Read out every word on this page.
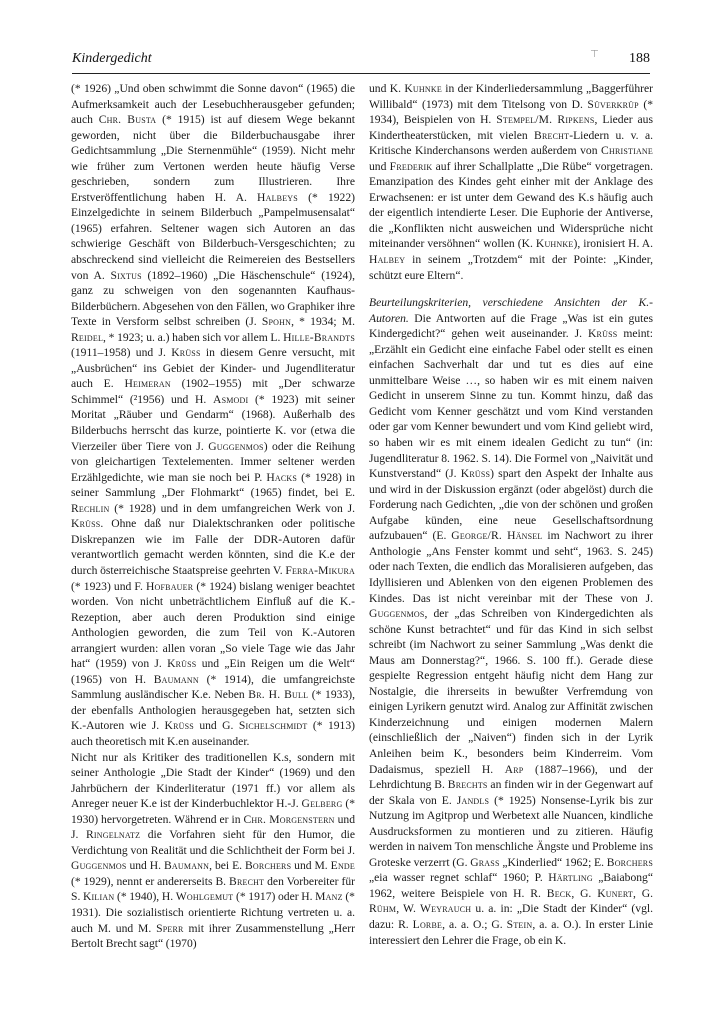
Kindergedicht	⊤ 188

(* 1926) „Und oben schwimmt die Sonne davon“ (1965) die Aufmerksamkeit auch der Lesebuchherausgeber gefunden; auch Chr. Busta (* 1915) ist auf diesem Wege bekannt geworden, nicht über die Bilderbuchausgabe ihrer Gedichtsammlung „Die Sternenmühle“ (1959). Nicht mehr wie früher zum Vertonen werden heute häufig Verse geschrieben, sondern zum Illustrieren. Ihre Erstveröffentlichung haben H. A. Halbeys (* 1922) Einzelgedichte in seinem Bilderbuch „Pampelmusensalat“ (1965) erfahren. Seltener wagen sich Autoren an das schwierige Geschäft von Bilderbuch-Versgeschichten; zu abschreckend sind vielleicht die Reimereien des Bestsellers von A. Sixtus (1892–1960) „Die Häschenschule“ (1924), ganz zu schweigen von den sogenannten Kaufhaus-Bilderbüchern. Abgesehen von den Fällen, wo Graphiker ihre Texte in Versform selbst schreiben (J. Spohn, * 1934; M. Reidel, * 1923; u. a.) haben sich vor allem L. Hille-Brandts (1911–1958) und J. Krüss in diesem Genre versucht, mit „Ausbrüchen“ ins Gebiet der Kinder- und Jugendliteratur auch E. Heimeran (1902–1955) mit „Der schwarze Schimmel“ (²1956) und H. Asmodi (* 1923) mit seiner Moritat „Räuber und Gendarm“ (1968). Außerhalb des Bilderbuchs herrscht das kurze, pointierte K. vor (etwa die Vierzeiler über Tiere von J. Guggenmos) oder die Reihung von gleichartigen Textelementen. Immer seltener werden Erzählgedichte, wie man sie noch bei P. Hacks (* 1928) in seiner Sammlung „Der Flohmarkt“ (1965) findet, bei E. Rechlin (* 1928) und in dem umfangreichen Werk von J. Krüss. Ohne daß nur Dialektschranken oder politische Diskrepanzen wie im Falle der DDR-Autoren dafür verantwortlich gemacht werden könnten, sind die K.e der durch österreichische Staatspreise geehrten V. Ferra-Mikura (* 1923) und F. Hofbauer (* 1924) bislang weniger beachtet worden. Von nicht unbeträchtlichem Einfluß auf die K.-Rezeption, aber auch deren Produktion sind einige Anthologien geworden, die zum Teil von K.-Autoren arrangiert wurden: allen voran „So viele Tage wie das Jahr hat“ (1959) von J. Krüss und „Ein Reigen um die Welt“ (1965) von H. Baumann (* 1914), die umfangreichste Sammlung ausländischer K.e. Neben Br. H. Bull (* 1933), der ebenfalls Anthologien herausgegeben hat, setzten sich K.-Autoren wie J. Krüss und G. Sichelschmidt (* 1913) auch theoretisch mit K.en auseinander.

Nicht nur als Kritiker des traditionellen K.s, sondern mit seiner Anthologie „Die Stadt der Kinder“ (1969) und den Jahrbüchern der Kinderliteratur (1971 ff.) vor allem als Anreger neuer K.e ist der Kinderbuchlektor H.-J. Gelberg (* 1930) hervorgetreten. Während er in Chr. Morgenstern und J. Ringelnatz die Vorfahren sieht für den Humor, die Verdichtung von Realität und die Schlichtheit der Form bei J. Guggenmos und H. Baumann, bei E. Borchers und M. Ende (* 1929), nennt er andererseits B. Brecht den Vorbereiter für S. Kilian (* 1940), H. Wohlgemut (* 1917) oder H. Manz (* 1931). Die sozialistisch orientierte Richtung vertreten u. a. auch M. und M. Sperr mit ihrer Zusammenstellung „Herr Bertolt Brecht sagt“ (1970)

und K. Kuhnke in der Kinderliedersammlung „Baggerführer Willibald“ (1973) mit dem Titelsong von D. Süverkrüp (* 1934), Beispielen von H. Stempel/M. Ripkens, Lieder aus Kindertheaterstücken, mit vielen Brecht-Liedern u. v. a. Kritische Kinderchansons werden außerdem von Christiane und Frederik auf ihrer Schallplatte „Die Rübe“ vorgetragen. Emanzipation des Kindes geht einher mit der Anklage des Erwachsenen: er ist unter dem Gewand des K.s häufig auch der eigentlich intendierte Leser. Die Euphorie der Antiverse, die „Konflikten nicht ausweichen und Widersprüche nicht miteinander versöhnen“ wollen (K. Kuhnke), ironisiert H. A. Halbey in seinem „Trotzdem“ mit der Pointe: „Kinder, schützt eure Eltern“.

Beurteilungskriterien, verschiedene Ansichten der K.-Autoren. Die Antworten auf die Frage „Was ist ein gutes Kindergedicht?“ gehen weit auseinander. J. Krüss meint: „Erzählt ein Gedicht eine einfache Fabel oder stellt es einen einfachen Sachverhalt dar und tut es dies auf eine unmittelbare Weise …, so haben wir es mit einem naiven Gedicht in unserem Sinne zu tun. Kommt hinzu, daß das Gedicht vom Kenner geschätzt und vom Kind verstanden oder gar vom Kenner bewundert und vom Kind geliebt wird, so haben wir es mit einem idealen Gedicht zu tun“ (in: Jugendliteratur 8. 1962. S. 14). Die Formel von „Naivität und Kunstverstand“ (J. Krüss) spart den Aspekt der Inhalte aus und wird in der Diskussion ergänzt (oder abgelöst) durch die Forderung nach Gedichten, „die von der schönen und großen Aufgabe künden, eine neue Gesellschaftsordnung aufzubauen“ (E. George/R. Hänsel im Nachwort zu ihrer Anthologie „Ans Fenster kommt und seht“, 1963. S. 245) oder nach Texten, die endlich das Moralisieren aufgeben, das Idyllisieren und Ablenken von den eigenen Problemen des Kindes. Das ist nicht vereinbar mit der These von J. Guggenmos, der „das Schreiben von Kindergedichten als schöne Kunst betrachtet“ und für das Kind in sich selbst schreibt (im Nachwort zu seiner Sammlung „Was denkt die Maus am Donnerstag?“, 1966. S. 100 ff.). Gerade diese gespielte Regression entgeht häufig nicht dem Hang zur Nostalgie, die ihrerseits in bewußter Verfremdung von einigen Lyrikern genutzt wird. Analog zur Affinität zwischen Kinderzeichnung und einigen modernen Malern (einschließlich der „Naiven“) finden sich in der Lyrik Anleihen beim K., besonders beim Kinderreim. Vom Dadaismus, speziell H. Arp (1887–1966), und der Lehrdichtung B. Brechts an finden wir in der Gegenwart auf der Skala von E. Jandls (* 1925) Nonsense-Lyrik bis zur Nutzung im Agitprop und Werbetext alle Nuancen, kindliche Ausdrucksformen zu montieren und zu zitieren. Häufig werden in naivem Ton menschliche Ängste und Probleme ins Groteske verzerrt (G. Grass „Kinderlied“ 1962; E. Borchers „eia wasser regnet schlaf“ 1960; P. Härtling „Baiabong“ 1962, weitere Beispiele von H. R. Beck, G. Kunert, G. Rühm, W. Weyrauch u. a. in: „Die Stadt der Kinder“ (vgl. dazu: R. Lorbe, a. a. O.; G. Stein, a. a. O.). In erster Linie interessiert den Lehrer die Frage, ob ein K.
